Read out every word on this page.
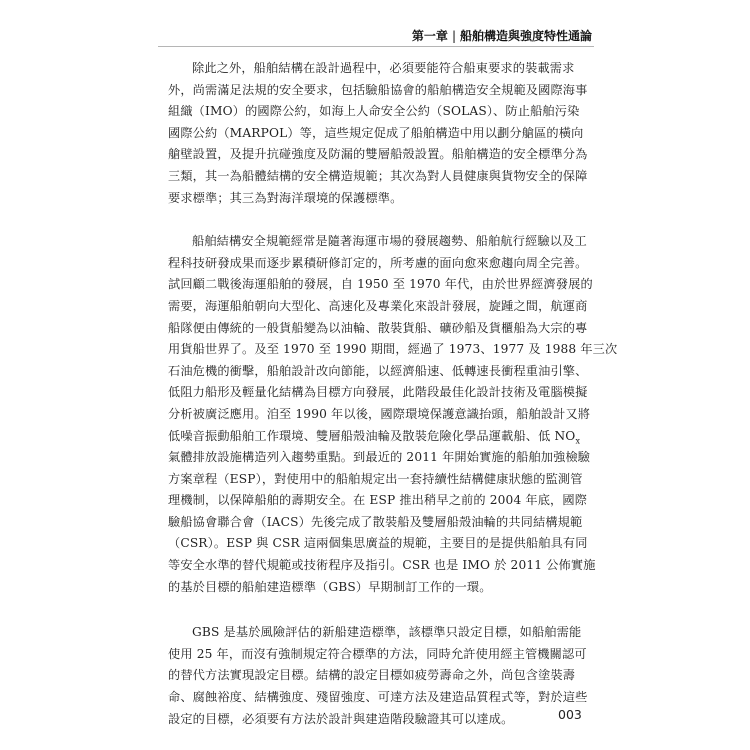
第一章 | 船舶構造與強度特性通論
除此之外，船舶結構在設計過程中，必須要能符合船東要求的裝載需求
外，尚需滿足法規的安全要求，包括驗船協會的船舶構造安全規範及國際海事
組織（IMO）的國際公約，如海上人命安全公約（SOLAS）、防止船舶污染
國際公約（MARPOL）等，這些規定促成了船舶構造中用以劃分艙區的橫向
艙壁設置，及提升抗碰強度及防漏的雙層船殼設置。船舶構造的安全標準分為
三類，其一為船體結構的安全構造規範；其次為對人員健康與貨物安全的保障
要求標準；其三為對海洋環境的保護標準。
船舶結構安全規範經常是隨著海運市場的發展趨勢、船舶航行經驗以及工
程科技研發成果而逐步累積研修訂定的，所考慮的面向愈來愈趨向周全完善。
試回顧二戰後海運船舶的發展，自 1950 至 1970 年代，由於世界經濟發展的
需要，海運船舶朝向大型化、高速化及專業化來設計發展，旋踵之間，航運商
船隊便由傳統的一般貨船變為以油輪、散裝貨船、礦砂船及貨櫃船為大宗的專
用貨船世界了。及至 1970 至 1990 期間，經過了 1973、1977 及 1988 年三次
石油危機的衝擊，船舶設計改向節能，以經濟船速、低轉速長衝程重油引擎、
低阻力船形及輕量化結構為目標方向發展，此階段最佳化設計技術及電腦模擬
分析被廣泛應用。洎至 1990 年以後，國際環境保護意識抬頭，船舶設計又將
低噪音振動船舶工作環境、雙層船殼油輪及散裝危險化學品運載船、低 $NO_x$
氣體排放設施構造列入趨勢重點。到最近的 2011 年開始實施的船舶加強檢驗
方案章程（ESP），對使用中的船舶規定出一套持續性結構健康狀態的監測管
理機制，以保障船舶的壽期安全。在 ESP 推出稍早之前的 2004 年底，國際
驗船協會聯合會（IACS）先後完成了散裝船及雙層船殼油輪的共同結構規範
（CSR）。ESP 與 CSR 這兩個集思廣益的規範，主要目的是提供船舶具有同
等安全水準的替代規範或技術程序及指引。CSR 也是 IMO 於 2011 公佈實施
的基於目標的船舶建造標準（GBS）早期制訂工作的一環。
GBS 是基於風險評估的新船建造標準，該標準只設定目標，如船舶需能
使用 25 年，而沒有強制規定符合標準的方法，同時允許使用經主管機關認可
的替代方法實現設定目標。結構的設定目標如疲勞壽命之外，尚包含塗裝壽
命、腐蝕裕度、結構強度、殘留強度、可達方法及建造品質程式等，對於這些
設定的目標，必須要有方法於設計與建造階段驗證其可以達成。	003
